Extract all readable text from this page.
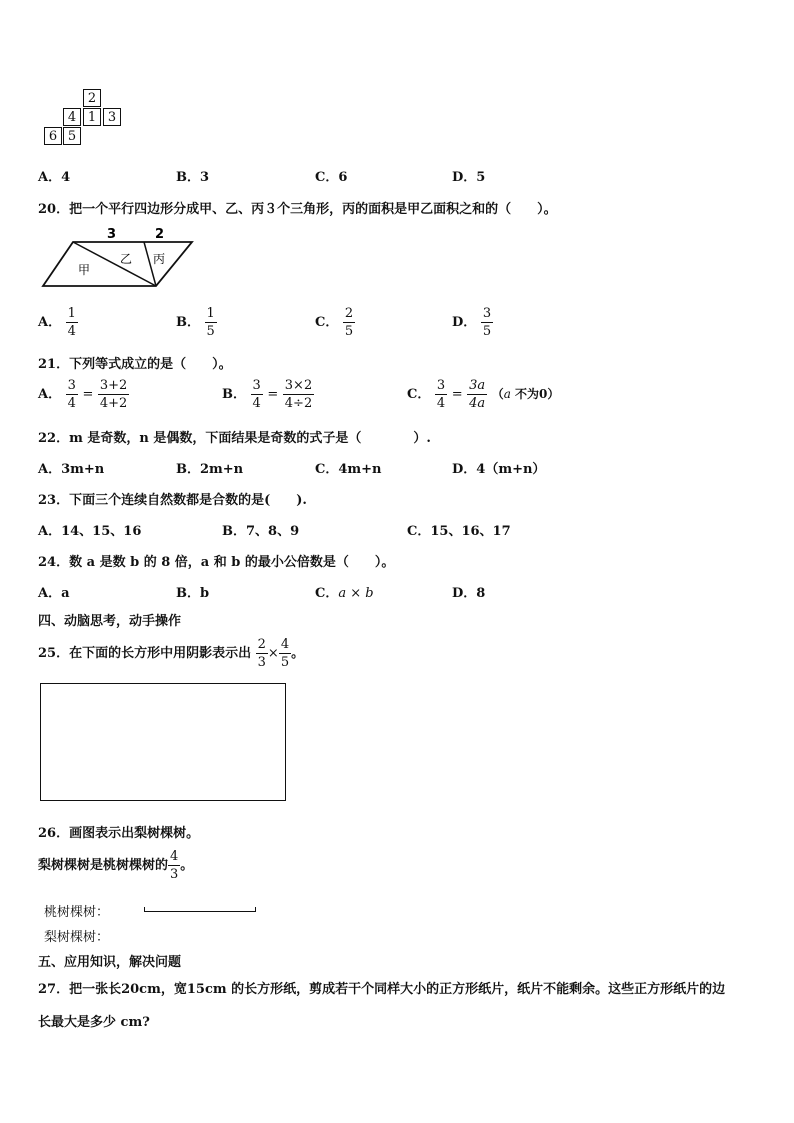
2
4 1 3
6 5
A．4	B．3	C．6	D．5
20．把一个平行四边形分成甲、乙、丙３个三角形，丙的面积是甲乙面积之和的（　　）。
3	2
甲
乙 丙
A． $\frac{1}{4}$	B． $\frac{1}{5}$	C． $\frac{2}{5}$	D． $\frac{3}{5}$
21．下列等式成立的是（　　）。
A． $\frac{3}{4} = \frac{3+2}{4+2}$	B． $\frac{3}{4} = \frac{3\times 2}{4\div 2}$	C． $\frac{3}{4} = \frac{3a}{4a} (a$ 不为0）
22．m 是奇数，n 是偶数，下面结果是奇数的式子是（　　　　）.
A．3m+n	B．2m+n	C．4m+n	D．4（m+n）
23．下面三个连续自然数都是合数的是(　　).
A．14、15、16	B．7、8、9	C．15、16、17
24．数 a 是数 b 的 8 倍，a 和 b 的最小公倍数是（　　）。
A．a	B．b	C．a × b	D．8
四、动脑思考，动手操作
25．在下面的长方形中用阴影表示出 $\frac{2}{3} \times \frac{4}{5}$ 。
26．画图表示出梨树棵树。
梨树棵树是桃树棵树的 $\frac{4}{3}$ 。
桃树棵树：
梨树棵树：
五、应用知识，解决问题
27．把一张长20cm，宽15cm 的长方形纸，剪成若干个同样大小的正方形纸片，纸片不能剩余。这些正方形纸片的边
长最大是多少 cm?
